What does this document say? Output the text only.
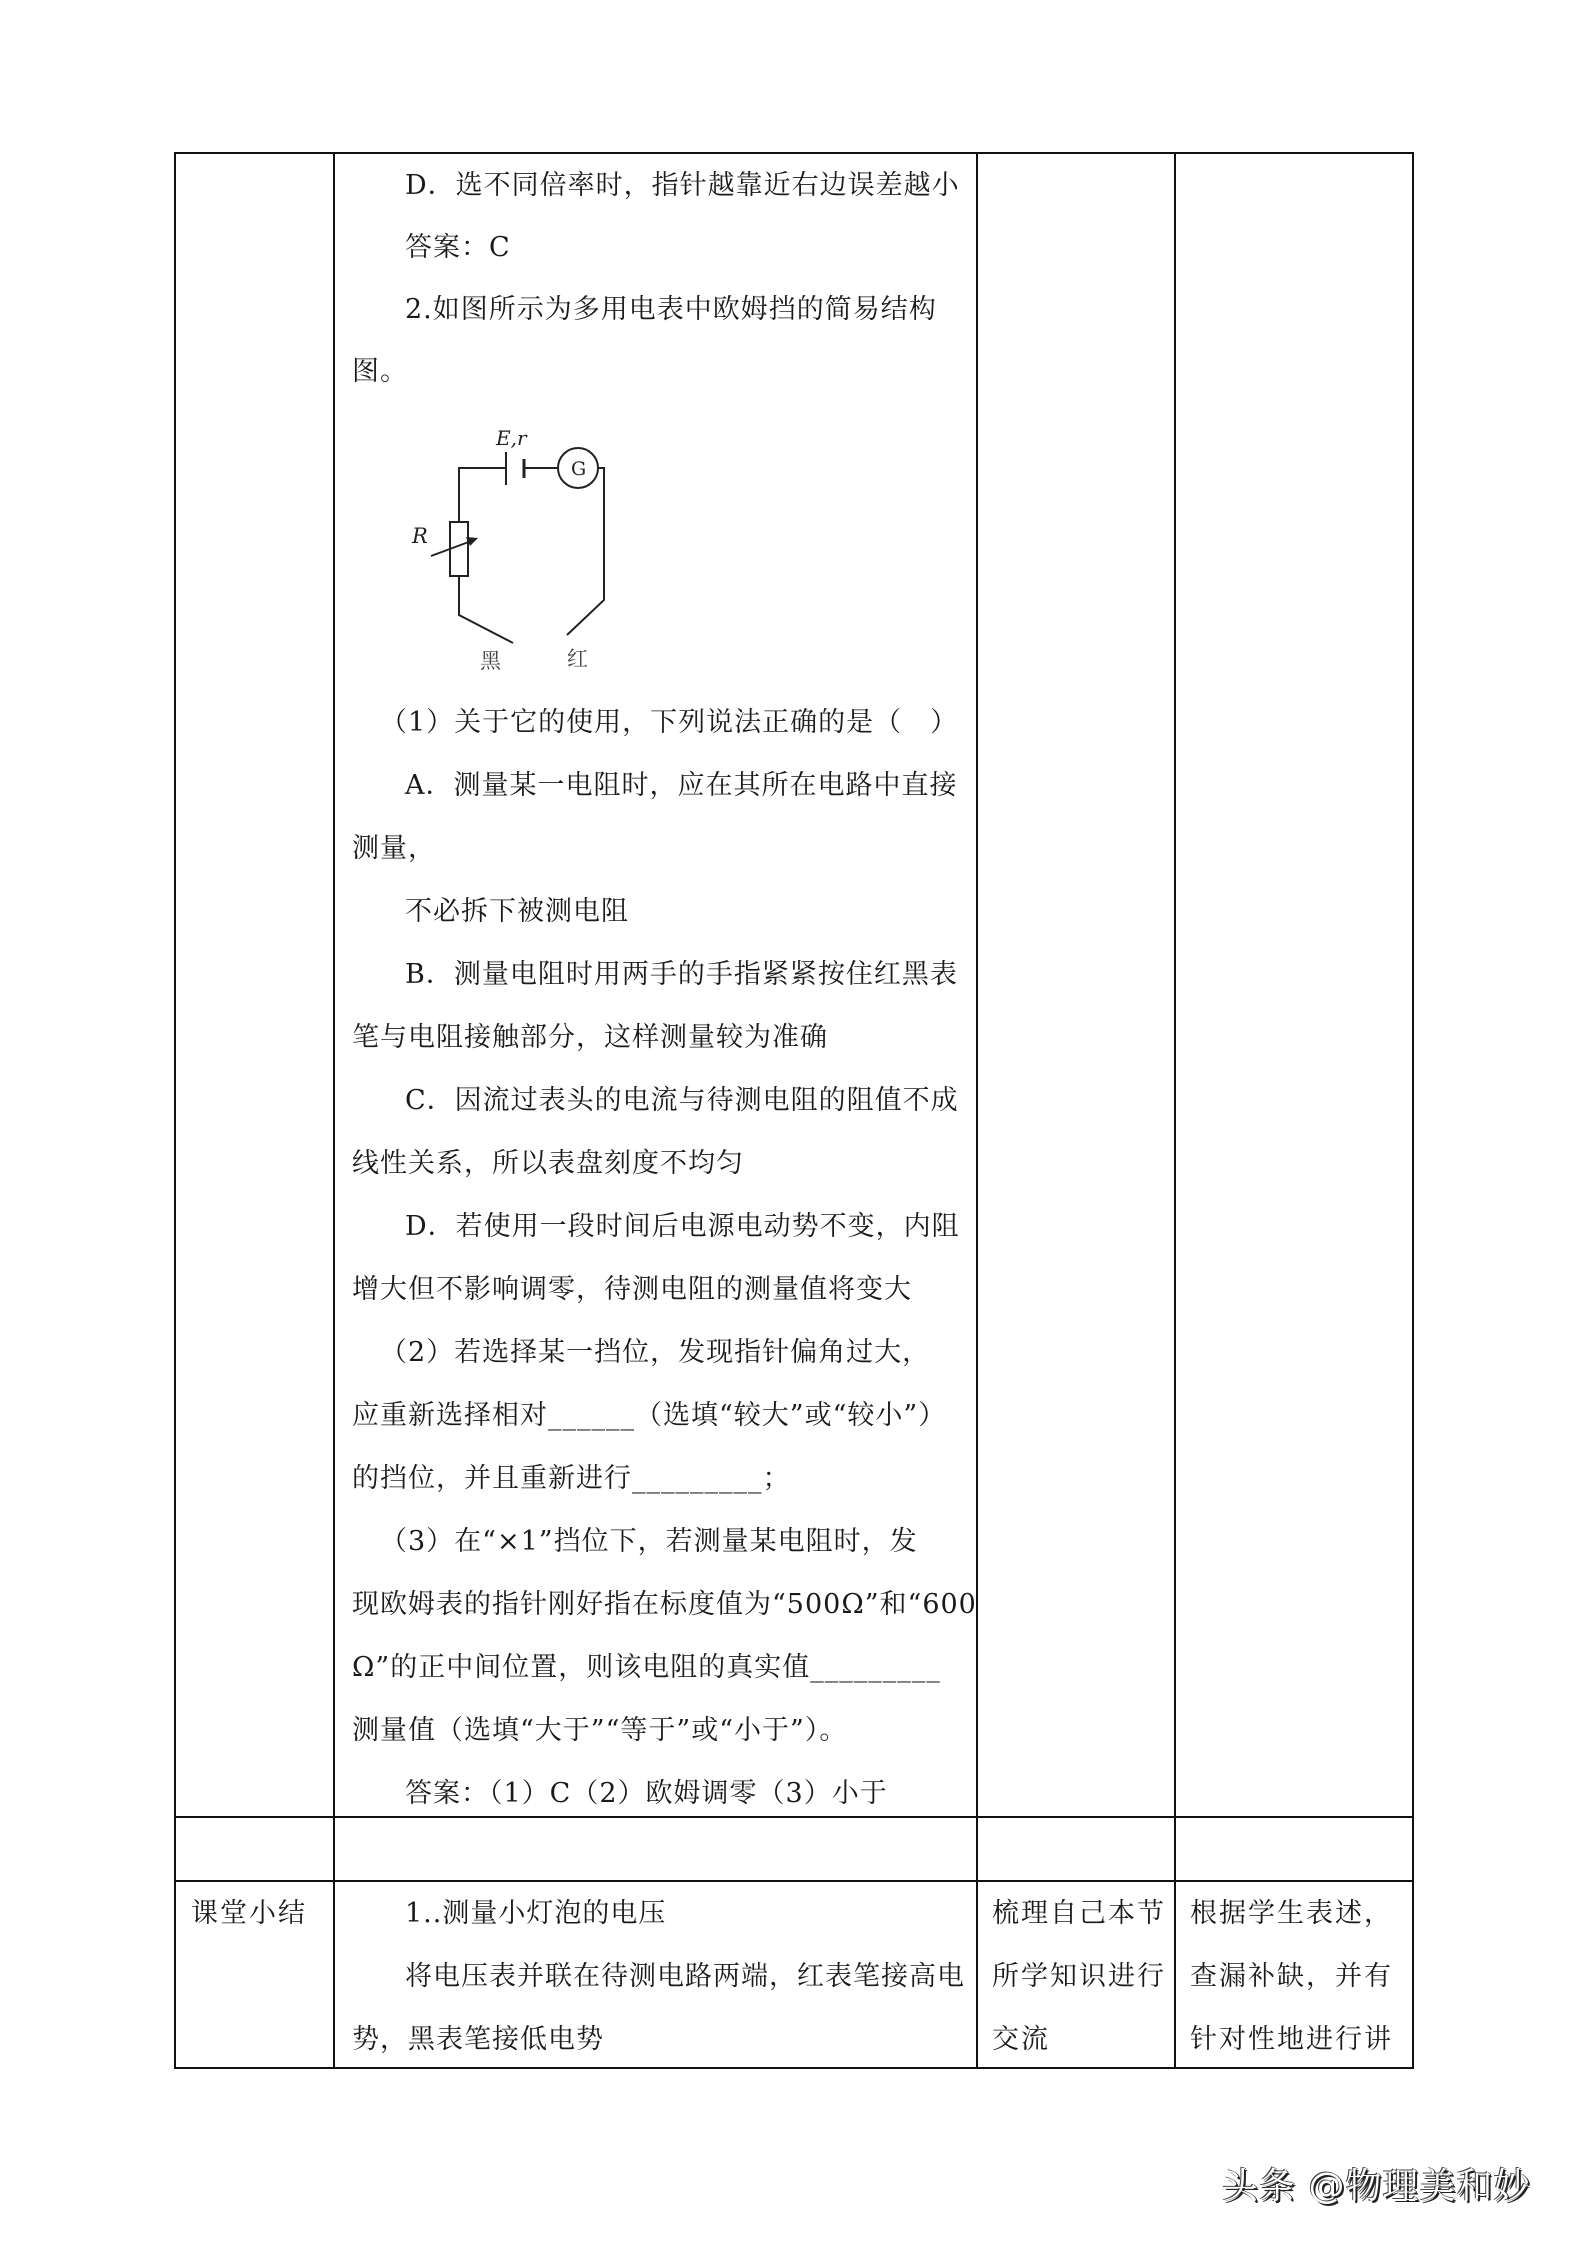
D．选不同倍率时，指针越靠近右边误差越小
答案：C
2.如图所示为多用电表中欧姆挡的简易结构
图。
E,r
G
R
黑	红
（1）关于它的使用，下列说法正确的是（　）
A．测量某一电阻时，应在其所在电路中直接
测量，
不必拆下被测电阻
B．测量电阻时用两手的手指紧紧按住红黑表
笔与电阻接触部分，这样测量较为准确
C．因流过表头的电流与待测电阻的阻值不成
线性关系，所以表盘刻度不均匀
D．若使用一段时间后电源电动势不变，内阻
增大但不影响调零，待测电阻的测量值将变大
（2）若选择某一挡位，发现指针偏角过大，
应重新选择相对______（选填“较大”或“较小”）
的挡位，并且重新进行_________；
（3）在“×1”挡位下，若测量某电阻时，发
现欧姆表的指针刚好指在标度值为“500Ω”和“600
Ω”的正中间位置，则该电阻的真实值_________
测量值（选填“大于”“等于”或“小于”）。
答案：（1）C（2）欧姆调零（3）小于
课堂小结	1..测量小灯泡的电压
将电压表并联在待测电路两端，红表笔接高电
势，黑表笔接低电势
梳理自己本节
所学知识进行
交流
根据学生表述，
查漏补缺，并有
针对性地进行讲
头条 @物理美和妙
